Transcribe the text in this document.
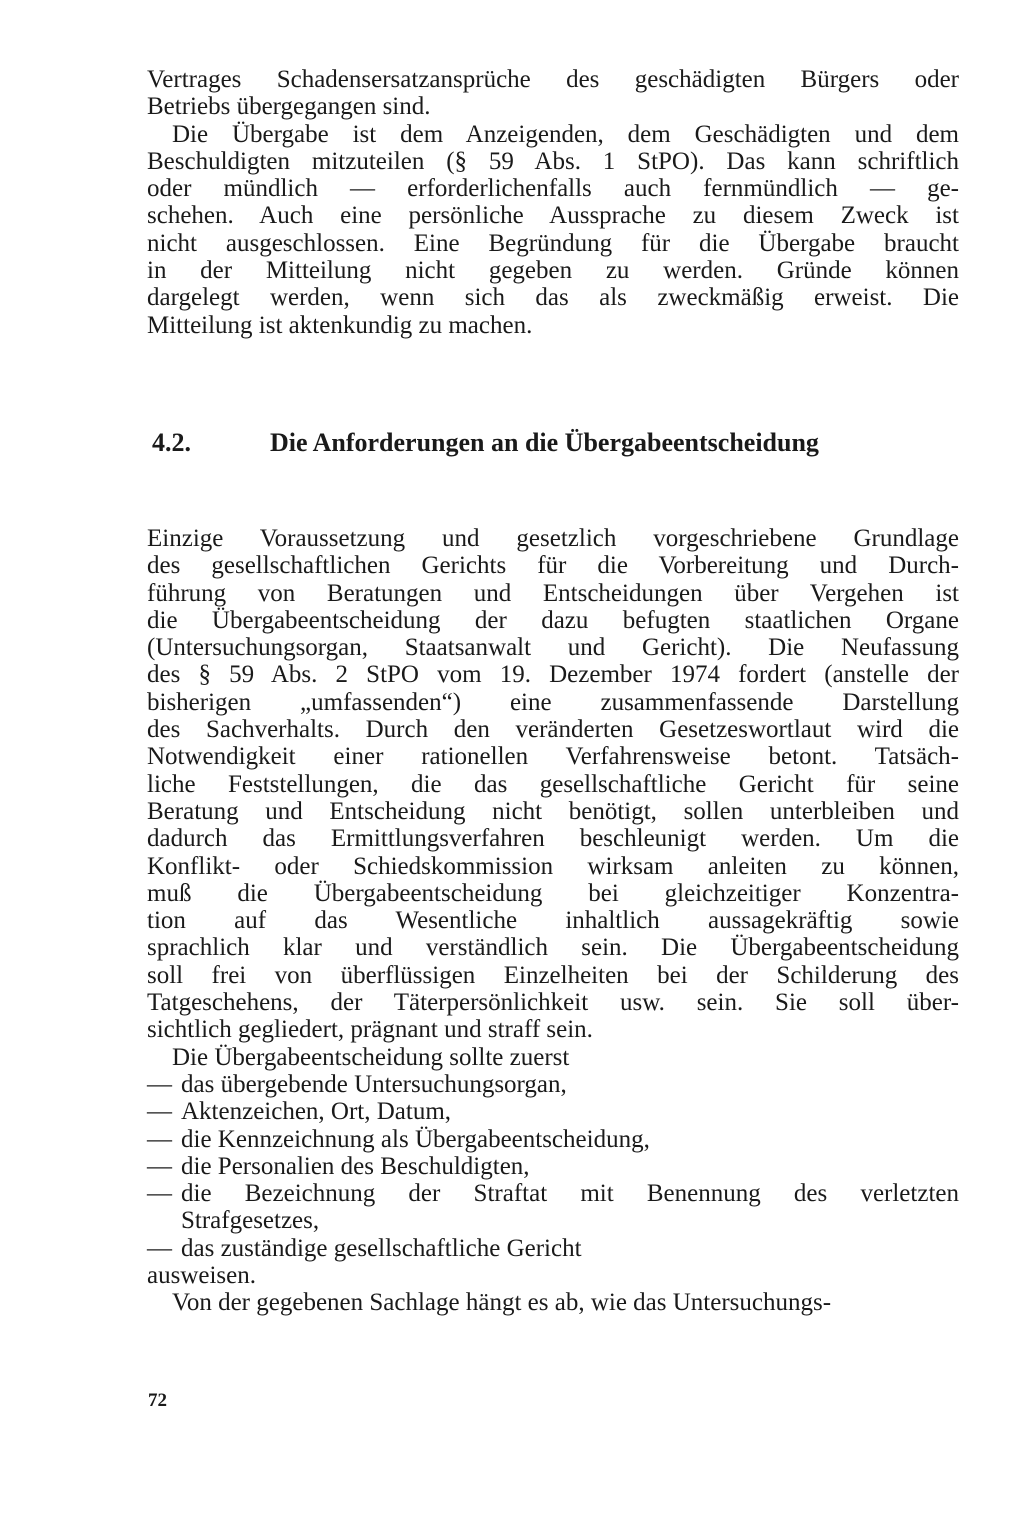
Vertrages Schadensersatzansprüche des geschädigten Bürgers oder
Betriebs übergegangen sind.
Die Übergabe ist dem Anzeigenden, dem Geschädigten und dem
Beschuldigten mitzuteilen (§ 59 Abs. 1 StPO). Das kann schriftlich
oder mündlich — erforderlichenfalls auch fernmündlich — ge-
schehen. Auch eine persönliche Aussprache zu diesem Zweck ist
nicht ausgeschlossen. Eine Begründung für die Übergabe braucht
in der Mitteilung nicht gegeben zu werden. Gründe können
dargelegt werden, wenn sich das als zweckmäßig erweist. Die
Mitteilung ist aktenkundig zu machen.
4.2.	Die Anforderungen an die Übergabeentscheidung
Einzige Voraussetzung und gesetzlich vorgeschriebene Grundlage
des gesellschaftlichen Gerichts für die Vorbereitung und Durch-
führung von Beratungen und Entscheidungen über Vergehen ist
die Übergabeentscheidung der dazu befugten staatlichen Organe
(Untersuchungsorgan, Staatsanwalt und Gericht). Die Neufassung
des § 59 Abs. 2 StPO vom 19. Dezember 1974 fordert (anstelle der
bisherigen „umfassenden“) eine zusammenfassende Darstellung
des Sachverhalts. Durch den veränderten Gesetzeswortlaut wird die
Notwendigkeit einer rationellen Verfahrensweise betont. Tatsäch-
liche Feststellungen, die das gesellschaftliche Gericht für seine
Beratung und Entscheidung nicht benötigt, sollen unterbleiben und
dadurch das Ermittlungsverfahren beschleunigt werden. Um die
Konflikt- oder Schiedskommission wirksam anleiten zu können,
muß die Übergabeentscheidung bei gleichzeitiger Konzentra-
tion auf das Wesentliche inhaltlich aussagekräftig sowie
sprachlich klar und verständlich sein. Die Übergabeentscheidung
soll frei von überflüssigen Einzelheiten bei der Schilderung des
Tatgeschehens, der Täterpersönlichkeit usw. sein. Sie soll über-
sichtlich gegliedert, prägnant und straff sein.
Die Übergabeentscheidung sollte zuerst
— das übergebende Untersuchungsorgan,
— Aktenzeichen, Ort, Datum,
— die Kennzeichnung als Übergabeentscheidung,
— die Personalien des Beschuldigten,
— die Bezeichnung der Straftat mit Benennung des verletzten
Strafgesetzes,
— das zuständige gesellschaftliche Gericht
ausweisen.
Von der gegebenen Sachlage hängt es ab, wie das Untersuchungs-
72
